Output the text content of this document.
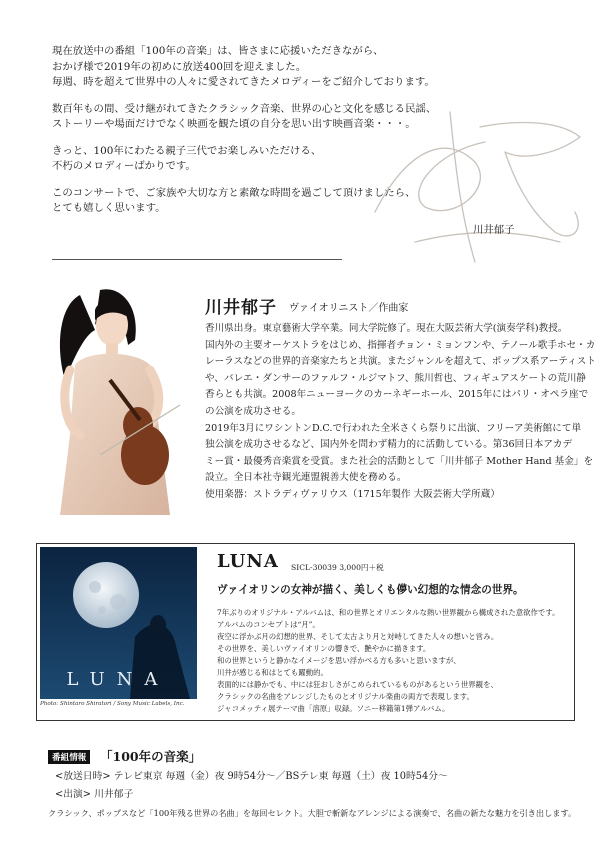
現在放送中の番組「100年の音楽」は、皆さまに応援いただきながら、
おかげ様で2019年の初めに放送400回を迎えました。
毎週、時を超えて世界中の人々に愛されてきたメロディーをご紹介しております。

数百年もの間、受け継がれてきたクラシック音楽、世界の心と文化を感じる民謡、
ストーリーや場面だけでなく映画を観た頃の自分を思い出す映画音楽・・・。

きっと、100年にわたる親子三代でお楽しみいただける、
不朽のメロディーばかりです。

このコンサートで、ご家族や大切な方と素敵な時間を過ごして頂けましたら、
とても嬉しく思います。

川井郁子
川井郁子 ヴァイオリニスト／作曲家
香川県出身。東京藝術大学卒業。同大学院修了。現在大阪芸術大学(演奏学科)教授。
国内外の主要オーケストラをはじめ、指揮者チョン・ミョンフンや、テノール歌手ホセ・カ
レーラスなどの世界的音楽家たちと共演。またジャンルを超えて、ポップス系アーティスト
や、バレエ・ダンサーのファルフ・ルジマトフ、熊川哲也、フィギュアスケートの荒川静
香らとも共演。2008年ニューヨークのカーネギーホール、2015年にはパリ・オペラ座で
の公演を成功させる。
2019年3月にワシントンD.C.で行われた全米さくら祭りに出演、フリーア美術館にて単
独公演を成功させるなど、国内外を問わず精力的に活動している。第36回日本アカデ
ミー賞・最優秀音楽賞を受賞。また社会的活動として「川井郁子 Mother Hand 基金」を
設立。全日本社寺観光連盟親善大使を務める。
使用楽器：ストラディヴァリウス（1715年製作 大阪芸術大学所蔵）
LUNA
Photo: Shintaro Shiratori / Sony Music Labels, Inc.
LUNA SICL-30039 3,000円＋税
ヴァイオリンの女神が描く、美しくも儚い幻想的な情念の世界。
7年ぶりのオリジナル・アルバムは、和の世界とオリエンタルな熱い世界観から構成された意欲作です。
アルバムのコンセプトは“月”。
夜空に浮かぶ月の幻想的世界、そして太古より月と対峙してきた人々の想いと営み。
その世界を、美しいヴァイオリンの響きで、艶やかに描きます。
和の世界というと静かなイメージを思い浮かべる方も多いと思いますが、
川井が感じる和はとても躍動的。
表面的には静かでも、中には狂おしさがこめられているものがあるという世界観を、
クラシックの名曲をアレンジしたものとオリジナル楽曲の両方で表現します。
ジャコメッティ展テーマ曲「溶原」収録。ソニー移籍第1弾アルバム。
番組情報	「100年の音楽」
<放送日時> テレビ東京 毎週（金）夜 9時54分～／BSテレ東 毎週（土）夜 10時54分～
<出演> 川井郁子
クラシック、ポップスなど「100年残る世界の名曲」を毎回セレクト。大胆で斬新なアレンジによる演奏で、名曲の新たな魅力を引き出します。
